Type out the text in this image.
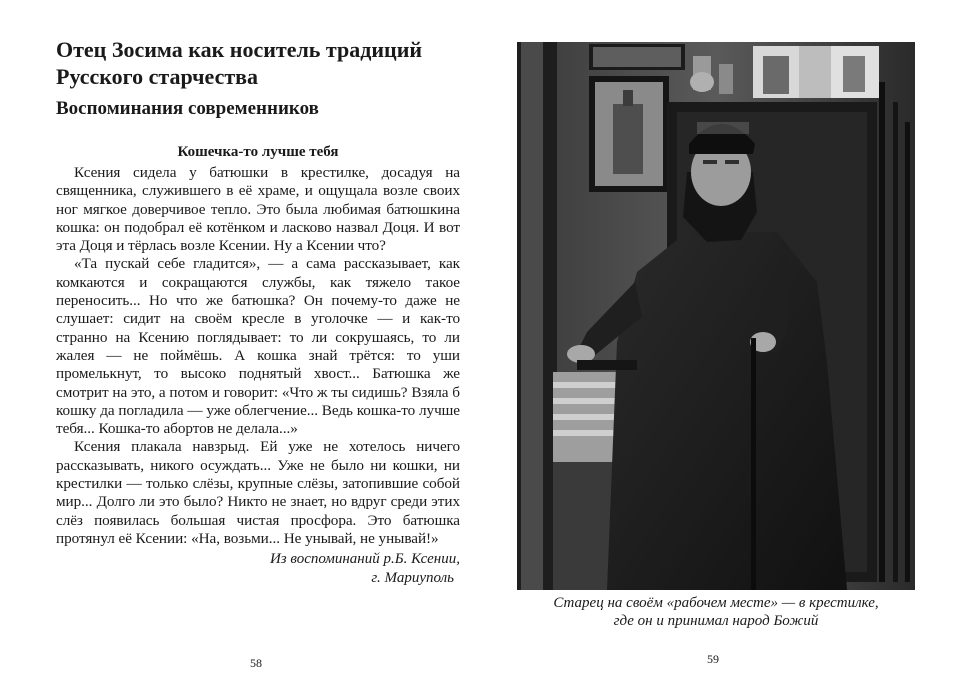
Отец Зосима как носитель традиций
Русского старчества
Воспоминания современников
Кошечка-то лучше тебя

Ксения сидела у батюшки в крестилке, досадуя на священника, служившего в её храме, и ощущала возле своих ног мягкое доверчивое тепло. Это была любимая батюшкина кошка: он подобрал её котёнком и ласково назвал Доця. И вот эта Доця и тёрлась возле Ксении. Ну а Ксении что?

«Та пускай себе гладится», — а сама рассказывает, как комкаются и сокращаются службы, как тяжело такое переносить... Но что же батюшка? Он почему-то даже не слушает: сидит на своём кресле в уголочке — и как-то странно на Ксению поглядывает: то ли сокрушаясь, то ли жалея — не поймёшь. А кошка знай трётся: то уши промелькнут, то высоко поднятый хвост... Батюшка же смотрит на это, а потом и говорит: «Что ж ты сидишь? Взяла б кошку да погладила — уже облегчение... Ведь кошка-то лучше тебя... Кошка-то абортов не делала...»

Ксения плакала навзрыд. Ей уже не хотелось ничего рассказывать, никого осуждать... Уже не было ни кошки, ни крестилки — только слёзы, крупные слёзы, затопившие собой мир... Долго ли это было? Никто не знает, но вдруг среди этих слёз появилась большая чистая просфора. Это батюшка протянул её Ксении: «На, возьми... Не унывай, не унывай!»

Из воспоминаний р.Б. Ксении,
г. Мариуполь

58
Старец на своём «рабочем месте» — в крестилке,
где он и принимал народ Божий
59
